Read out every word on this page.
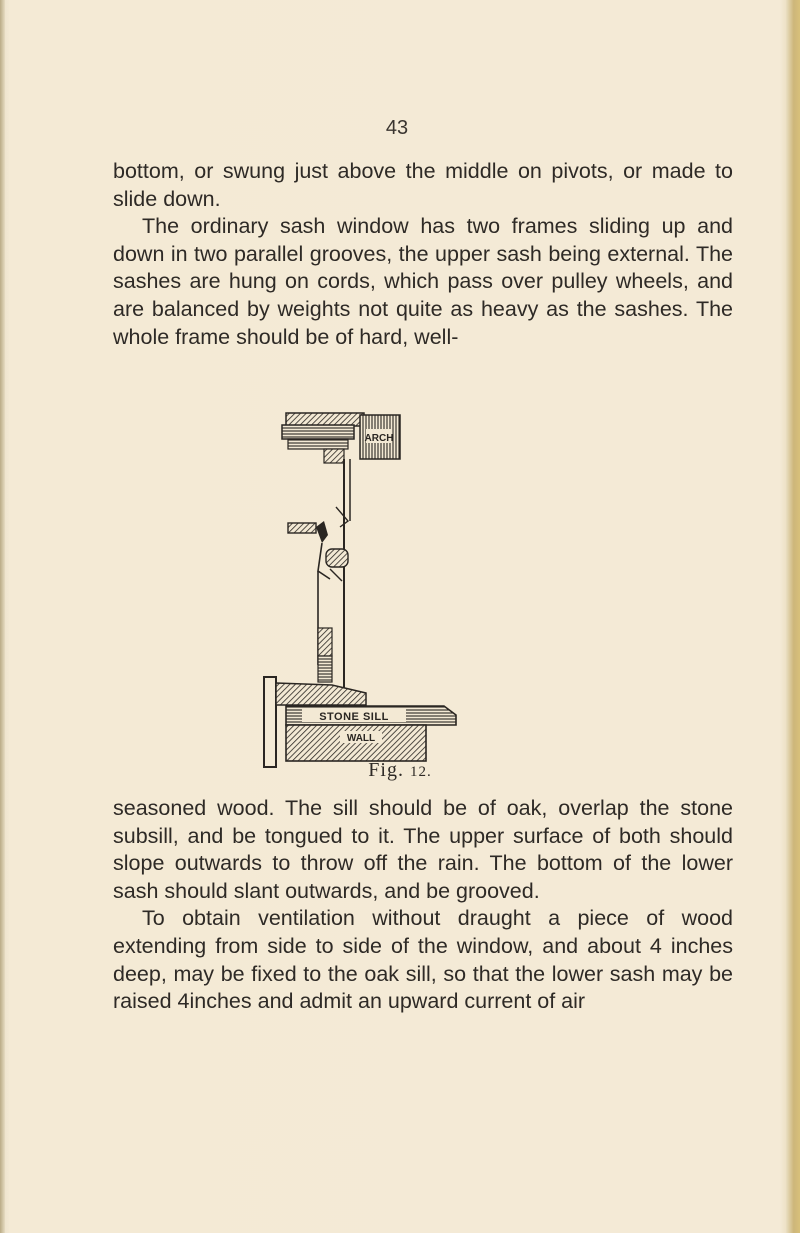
43

bottom, or swung just above the middle on pivots, or made to slide down.

The ordinary sash window has two frames sliding up and down in two parallel grooves, the upper sash being external. The sashes are hung on cords, which pass over pulley wheels, and are balanced by weights not quite as heavy as the sashes. The whole frame should be of hard, well-

ARCH
STONE SILL
WALL
Fig. 12.

seasoned wood. The sill should be of oak, overlap the stone subsill, and be tongued to it. The upper surface of both should slope outwards to throw off the rain. The bottom of the lower sash should slant outwards, and be grooved.

To obtain ventilation without draught a piece of wood extending from side to side of the window, and about 4 inches deep, may be fixed to the oak sill, so that the lower sash may be raised 4inches and admit an upward current of air
